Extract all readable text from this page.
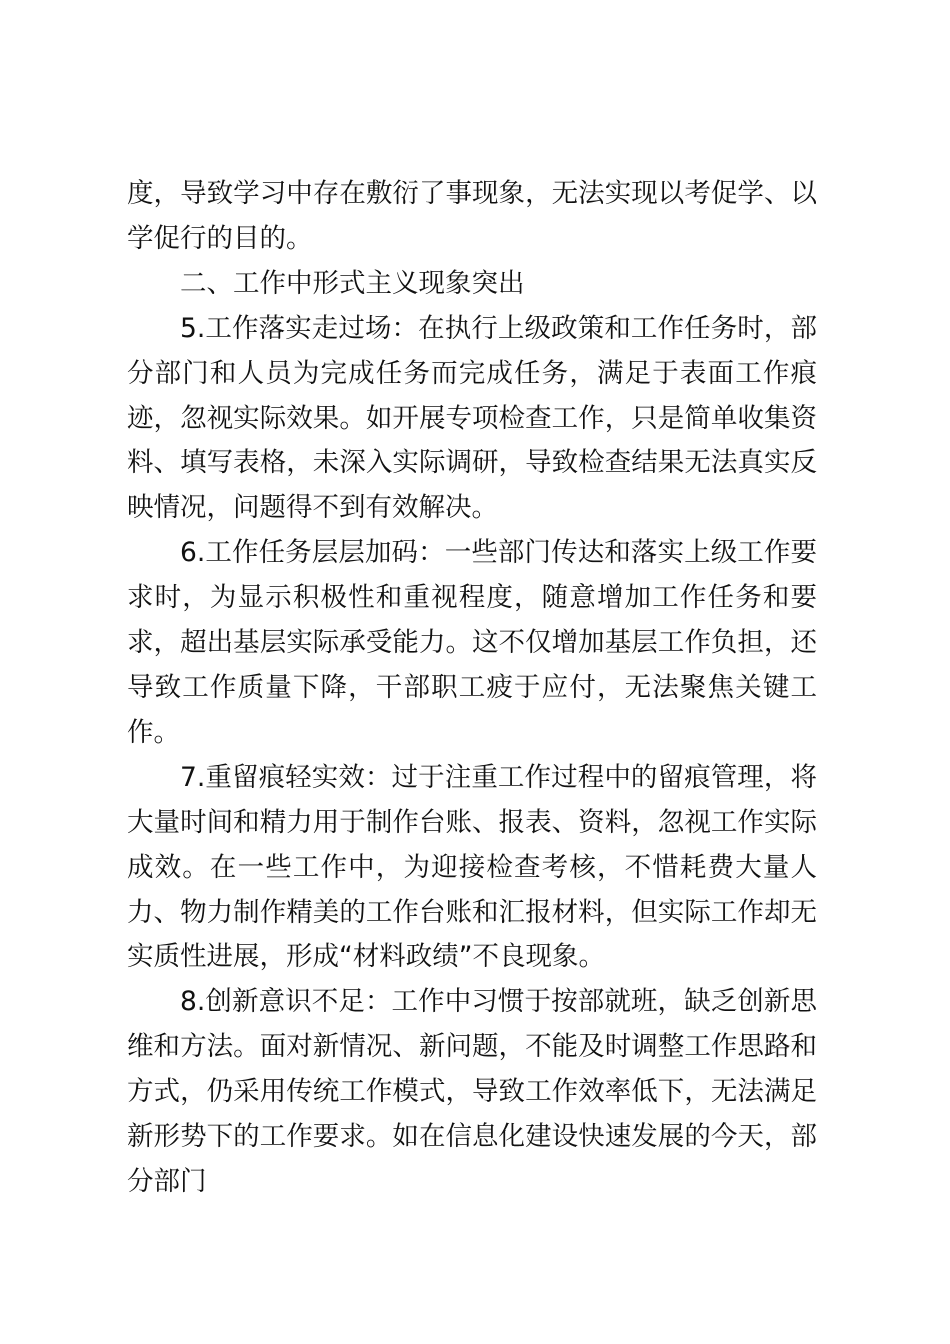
度，导致学习中存在敷衍了事现象，无法实现以考促学、以学促行的目的。

二、工作中形式主义现象突出

5.工作落实走过场：在执行上级政策和工作任务时，部分部门和人员为完成任务而完成任务，满足于表面工作痕迹，忽视实际效果。如开展专项检查工作，只是简单收集资料、填写表格，未深入实际调研，导致检查结果无法真实反映情况，问题得不到有效解决。

6.工作任务层层加码：一些部门传达和落实上级工作要求时，为显示积极性和重视程度，随意增加工作任务和要求，超出基层实际承受能力。这不仅增加基层工作负担，还导致工作质量下降，干部职工疲于应付，无法聚焦关键工作。

7.重留痕轻实效：过于注重工作过程中的留痕管理，将大量时间和精力用于制作台账、报表、资料，忽视工作实际成效。在一些工作中，为迎接检查考核，不惜耗费大量人力、物力制作精美的工作台账和汇报材料，但实际工作却无实质性进展，形成“材料政绩”不良现象。

8.创新意识不足：工作中习惯于按部就班，缺乏创新思维和方法。面对新情况、新问题，不能及时调整工作思路和方式，仍采用传统工作模式，导致工作效率低下，无法满足新形势下的工作要求。如在信息化建设快速发展的今天，部分部门
